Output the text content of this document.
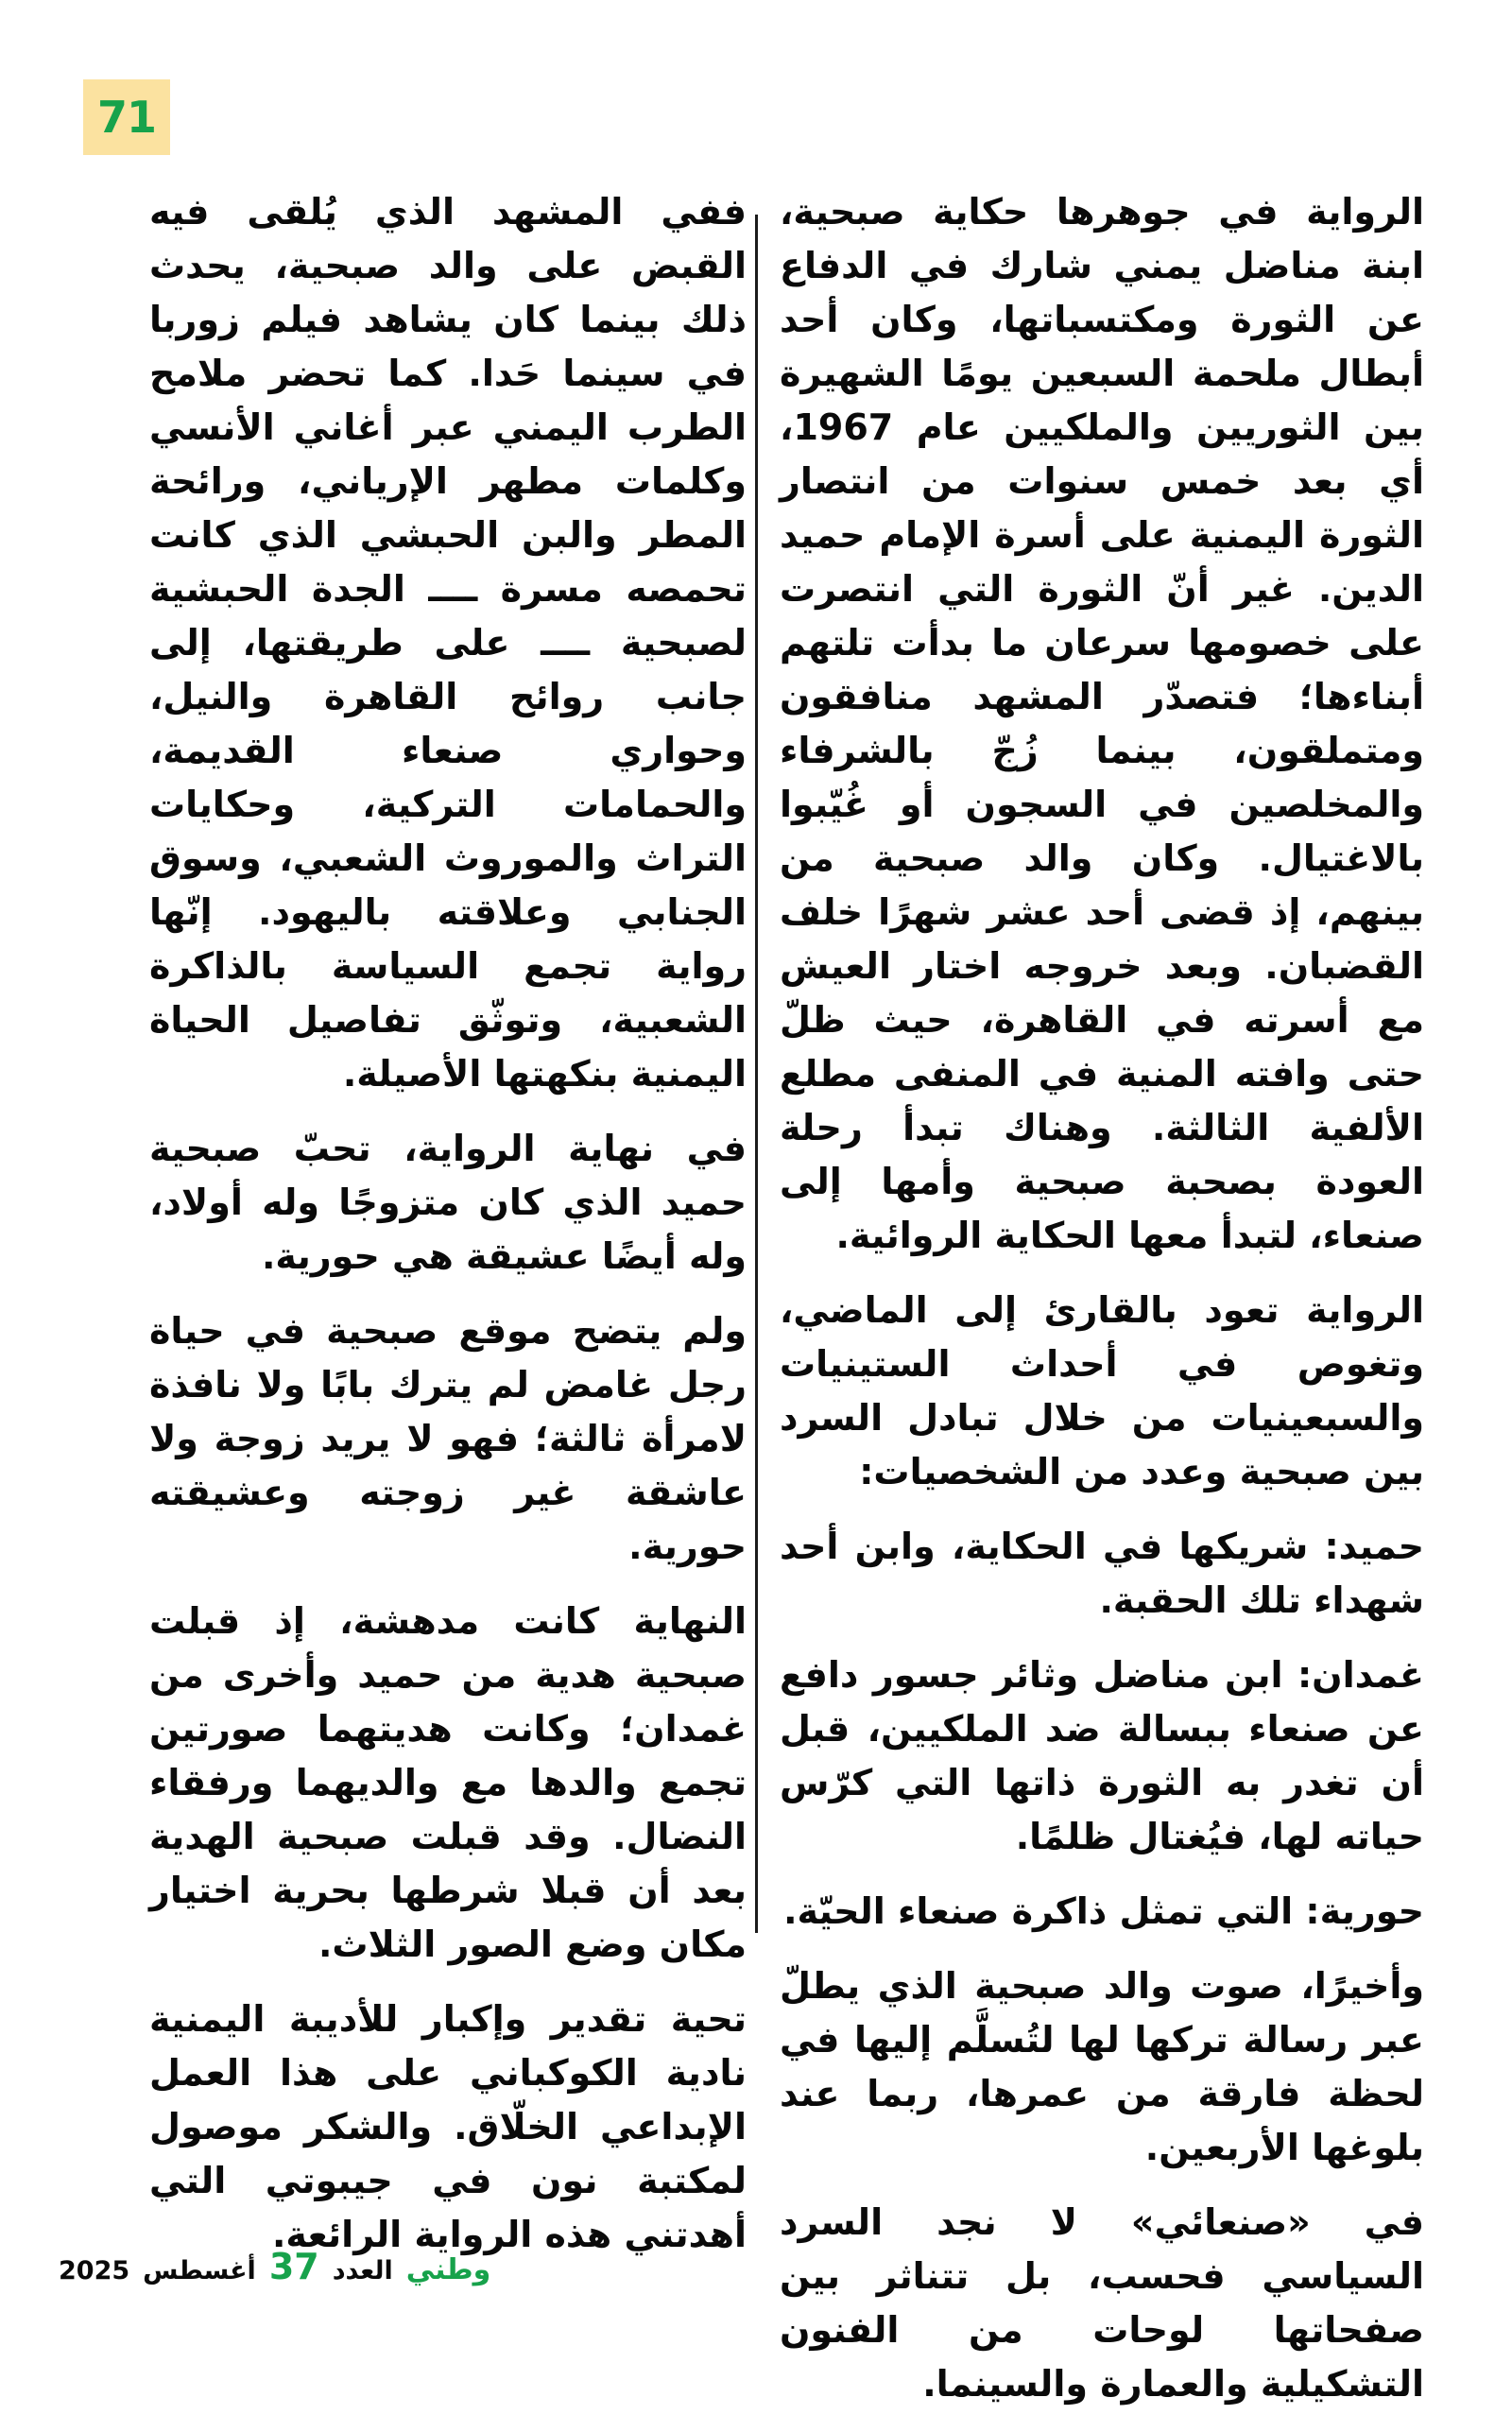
71

الرواية في جوهرها حكاية صبحية، ابنة مناضل يمني شارك في الدفاع عن الثورة ومكتسباتها، وكان أحد أبطال ملحمة السبعين يومًا الشهيرة بين الثوريين والملكيين عام 1967، أي بعد خمس سنوات من انتصار الثورة اليمنية على أسرة الإمام حميد الدين. غير أنّ الثورة التي انتصرت على خصومها سرعان ما بدأت تلتهم أبناءها؛ فتصدّر المشهد منافقون ومتملقون، بينما زُجّ بالشرفاء والمخلصين في السجون أو غُيّبوا بالاغتيال. وكان والد صبحية من بينهم، إذ قضى أحد عشر شهرًا خلف القضبان. وبعد خروجه اختار العيش مع أسرته في القاهرة، حيث ظلّ حتى وافته المنية في المنفى مطلع الألفية الثالثة. وهناك تبدأ رحلة العودة بصحبة صبحية وأمها إلى صنعاء، لتبدأ معها الحكاية الروائية.

الرواية تعود بالقارئ إلى الماضي، وتغوص في أحداث الستينيات والسبعينيات من خلال تبادل السرد بين صبحية وعدد من الشخصيات:

حميد: شريكها في الحكاية، وابن أحد شهداء تلك الحقبة.

غمدان: ابن مناضل وثائر جسور دافع عن صنعاء ببسالة ضد الملكيين، قبل أن تغدر به الثورة ذاتها التي كرّس حياته لها، فيُغتال ظلمًا.

حورية: التي تمثل ذاكرة صنعاء الحيّة.

وأخيرًا، صوت والد صبحية الذي يطلّ عبر رسالة تركها لها لتُسلَّم إليها في لحظة فارقة من عمرها، ربما عند بلوغها الأربعين.

في «صنعائي» لا نجد السرد السياسي فحسب، بل تتناثر بين صفحاتها لوحات من الفنون التشكيلية والعمارة والسينما.

ففي المشهد الذي يُلقى فيه القبض على والد صبحية، يحدث ذلك بينما كان يشاهد فيلم زوربا في سينما حَدا. كما تحضر ملامح الطرب اليمني عبر أغاني الأنسي وكلمات مطهر الإرياني، ورائحة المطر والبن الحبشي الذي كانت تحمصه مسرة ــــ الجدة الحبشية لصبحية ــــ على طريقتها، إلى جانب روائح القاهرة والنيل، وحواري صنعاء القديمة، والحمامات التركية، وحكايات التراث والموروث الشعبي، وسوق الجنابي وعلاقته باليهود. إنّها رواية تجمع السياسة بالذاكرة الشعبية، وتوثّق تفاصيل الحياة اليمنية بنكهتها الأصيلة.

في نهاية الرواية، تحبّ صبحية حميد الذي كان متزوجًا وله أولاد، وله أيضًا عشيقة هي حورية.

ولم يتضح موقع صبحية في حياة رجل غامض لم يترك بابًا ولا نافذة لامرأة ثالثة؛ فهو لا يريد زوجة ولا عاشقة غير زوجته وعشيقته حورية.

النهاية كانت مدهشة، إذ قبلت صبحية هدية من حميد وأخرى من غمدان؛ وكانت هديتهما صورتين تجمع والدها مع والديهما ورفقاء النضال. وقد قبلت صبحية الهدية بعد أن قبلا شرطها بحرية اختيار مكان وضع الصور الثلاث.

تحية تقدير وإكبار للأديبة اليمنية نادية الكوكباني على هذا العمل الإبداعي الخلّاق. والشكر موصول لمكتبة نون في جيبوتي التي أهدتني هذه الرواية الرائعة.

وطني
العدد
37
أغسطس
2025
